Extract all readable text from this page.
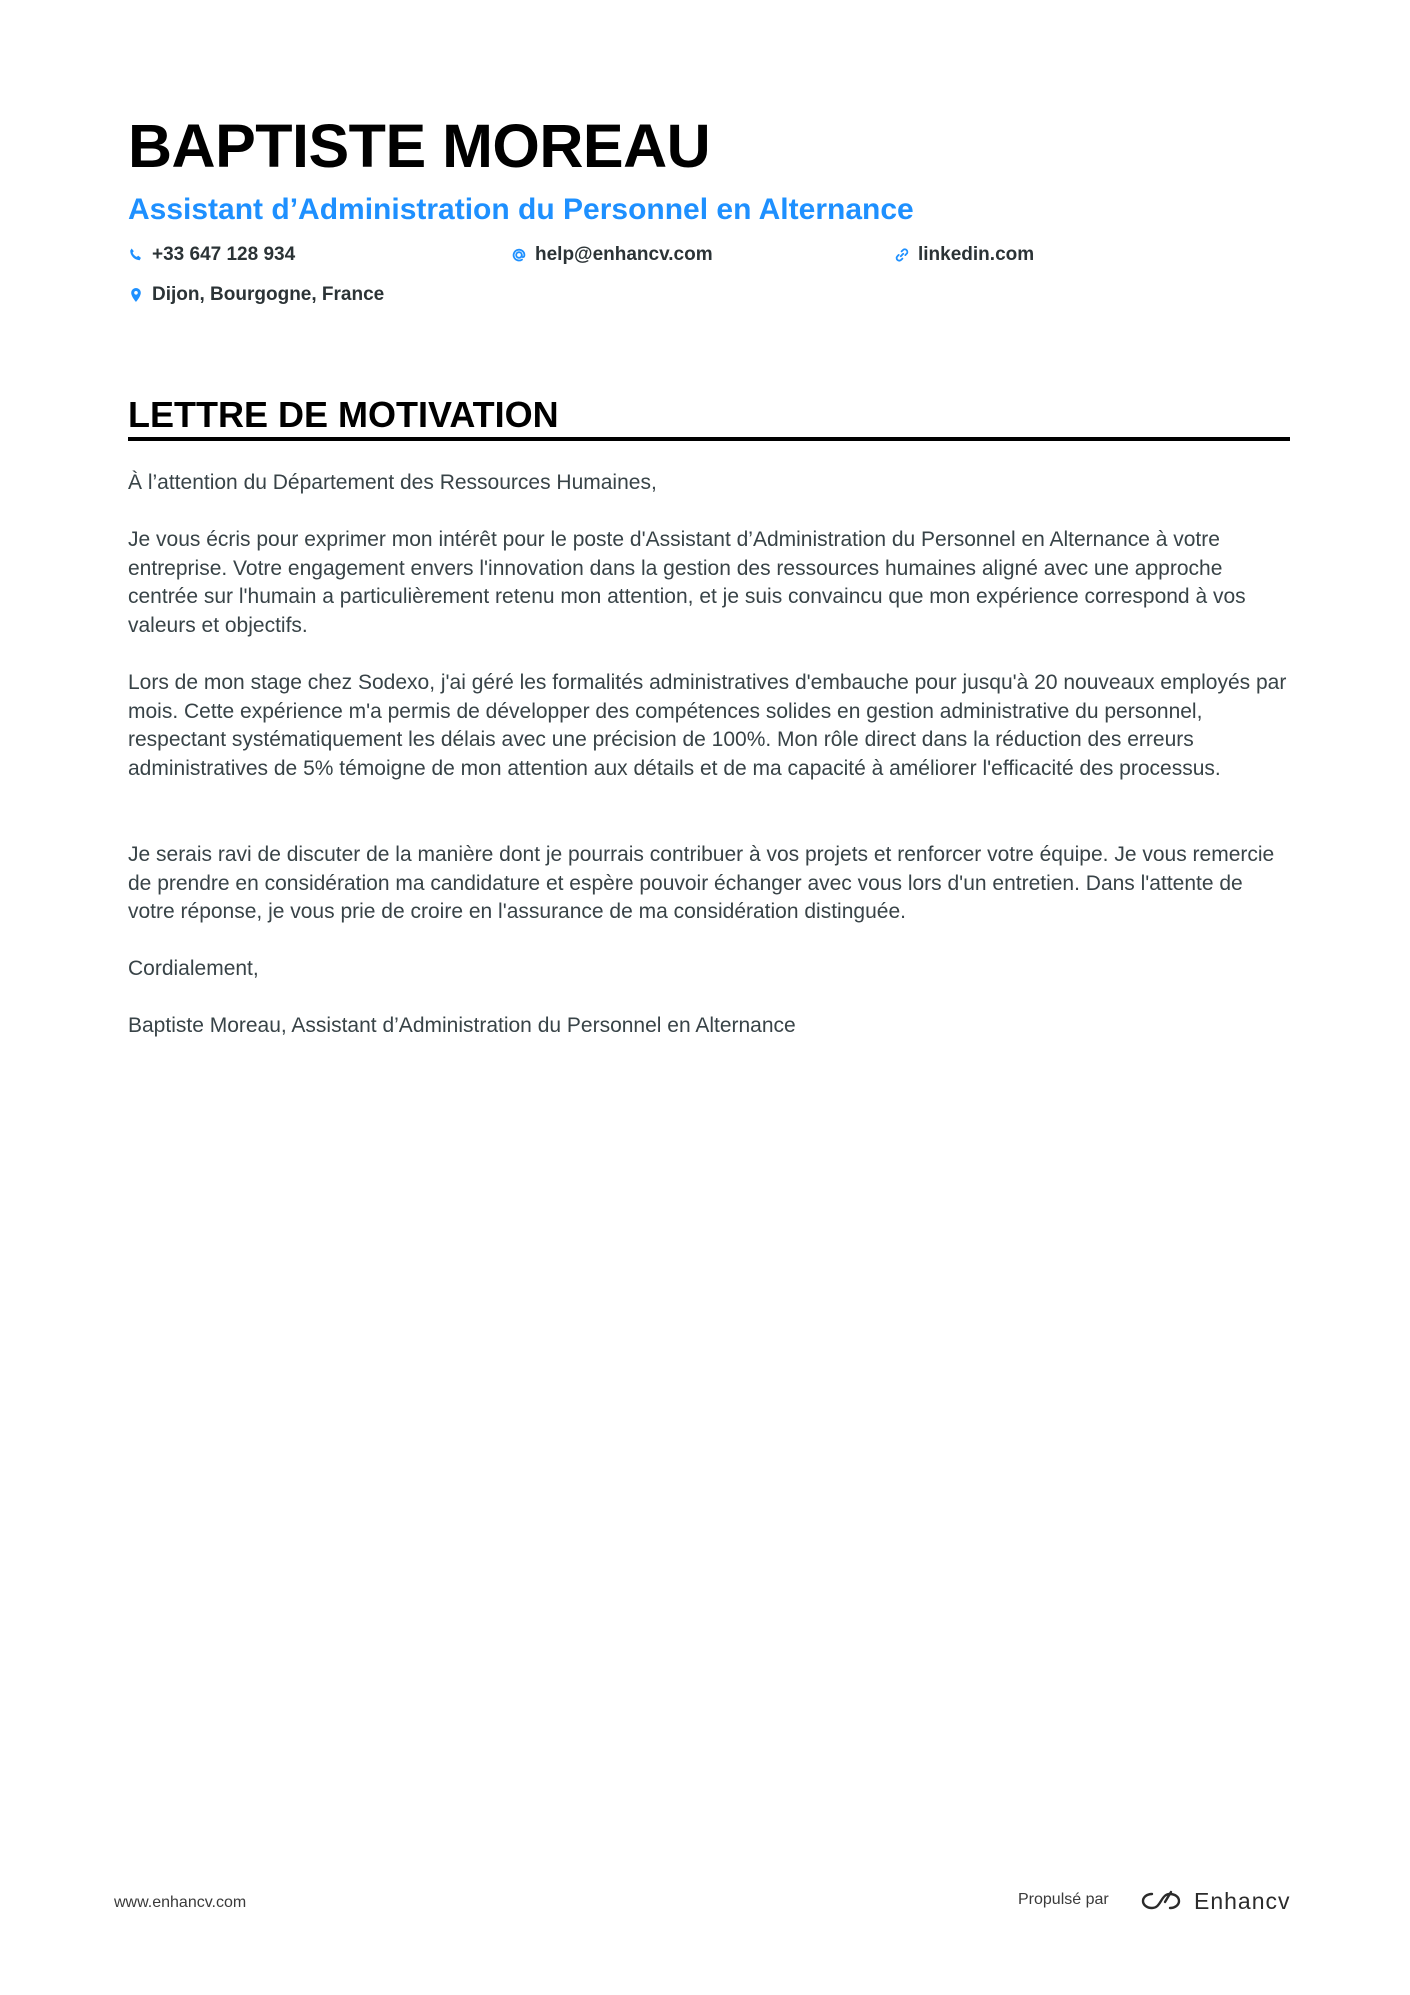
BAPTISTE MOREAU
Assistant d’Administration du Personnel en Alternance
+33 647 128 934	help@enhancv.com	linkedin.com
Dijon, Bourgogne, France
LETTRE DE MOTIVATION

À l’attention du Département des Ressources Humaines,

Je vous écris pour exprimer mon intérêt pour le poste d'Assistant d’Administration du Personnel en Alternance à votre entreprise. Votre engagement envers l'innovation dans la gestion des ressources humaines aligné avec une approche centrée sur l'humain a particulièrement retenu mon attention, et je suis convaincu que mon expérience correspond à vos valeurs et objectifs.

Lors de mon stage chez Sodexo, j'ai géré les formalités administratives d'embauche pour jusqu'à 20 nouveaux employés par mois. Cette expérience m'a permis de développer des compétences solides en gestion administrative du personnel, respectant systématiquement les délais avec une précision de 100%. Mon rôle direct dans la réduction des erreurs administratives de 5% témoigne de mon attention aux détails et de ma capacité à améliorer l'efficacité des processus.

Je serais ravi de discuter de la manière dont je pourrais contribuer à vos projets et renforcer votre équipe. Je vous remercie de prendre en considération ma candidature et espère pouvoir échanger avec vous lors d'un entretien. Dans l'attente de votre réponse, je vous prie de croire en l'assurance de ma considération distinguée.

Cordialement,

Baptiste Moreau, Assistant d’Administration du Personnel en Alternance

www.enhancv.com	Propulsé par	Enhancv
